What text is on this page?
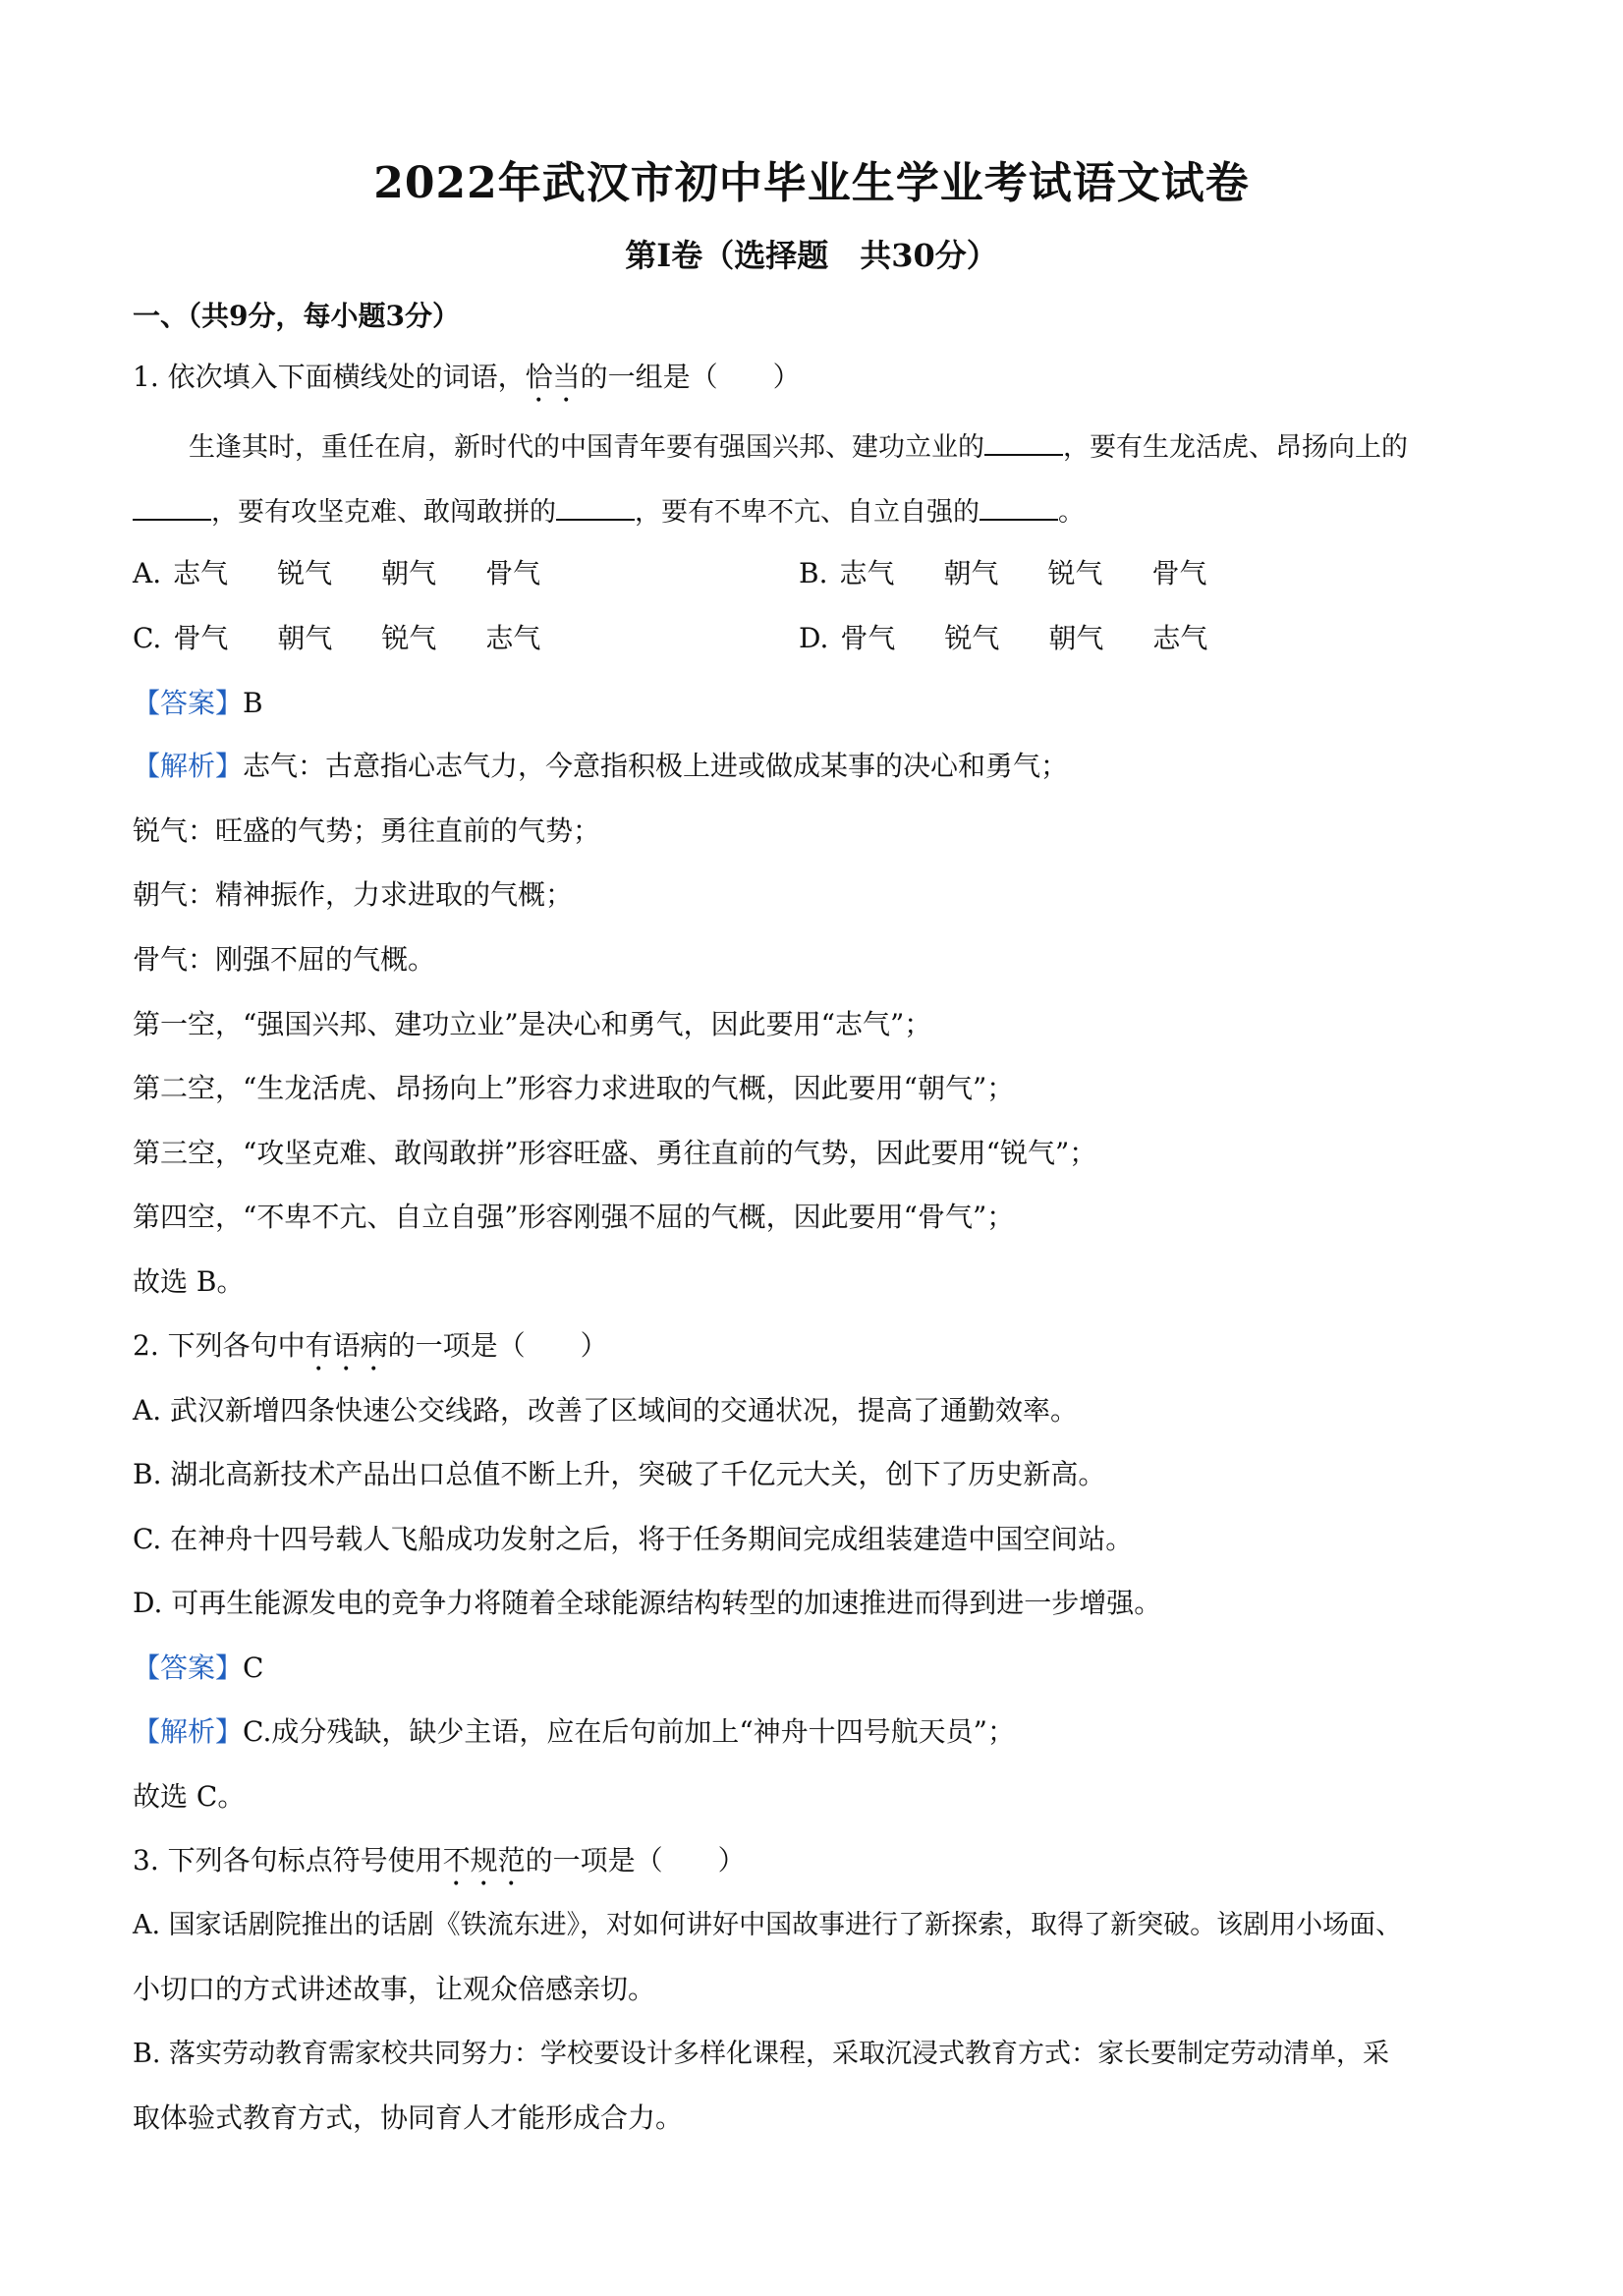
2022年武汉市初中毕业生学业考试语文试卷
第Ⅰ卷（选择题　共30分）
一、（共9分，每小题3分）
1. 依次填入下面横线处的词语，恰当的一组是（　　）
生逢其时，重任在肩，新时代的中国青年要有强国兴邦、建功立业的	，要有生龙活虎、昂扬向上的
，要有攻坚克难、敢闯敢拼的	，要有不卑不亢、自立自强的	。
A. 志气 锐气 朝气 骨气	B. 志气 朝气 锐气 骨气
C. 骨气 朝气 锐气 志气	D. 骨气 锐气 朝气 志气
【答案】B
【解析】志气：古意指心志气力，今意指积极上进或做成某事的决心和勇气；
锐气：旺盛的气势；勇往直前的气势；
朝气：精神振作，力求进取的气概；
骨气：刚强不屈的气概。
第一空，“强国兴邦、建功立业”是决心和勇气，因此要用“志气”；
第二空，“生龙活虎、昂扬向上”形容力求进取的气概，因此要用“朝气”；
第三空，“攻坚克难、敢闯敢拼”形容旺盛、勇往直前的气势，因此要用“锐气”；
第四空，“不卑不亢、自立自强”形容刚强不屈的气概，因此要用“骨气”；
故选 B。
2. 下列各句中有语病的一项是（　　）
A. 武汉新增四条快速公交线路，改善了区域间的交通状况，提高了通勤效率。
B. 湖北高新技术产品出口总值不断上升，突破了千亿元大关，创下了历史新高。
C. 在神舟十四号载人飞船成功发射之后，将于任务期间完成组装建造中国空间站。
D. 可再生能源发电的竞争力将随着全球能源结构转型的加速推进而得到进一步增强。
【答案】C
【解析】C.成分残缺，缺少主语，应在后句前加上“神舟十四号航天员”；
故选 C。
3. 下列各句标点符号使用不规范的一项是（　　）
A. 国家话剧院推出的话剧《铁流东进》，对如何讲好中国故事进行了新探索，取得了新突破。该剧用小场面、
小切口的方式讲述故事，让观众倍感亲切。
B. 落实劳动教育需家校共同努力：学校要设计多样化课程，采取沉浸式教育方式：家长要制定劳动清单，采
取体验式教育方式，协同育人才能形成合力。
